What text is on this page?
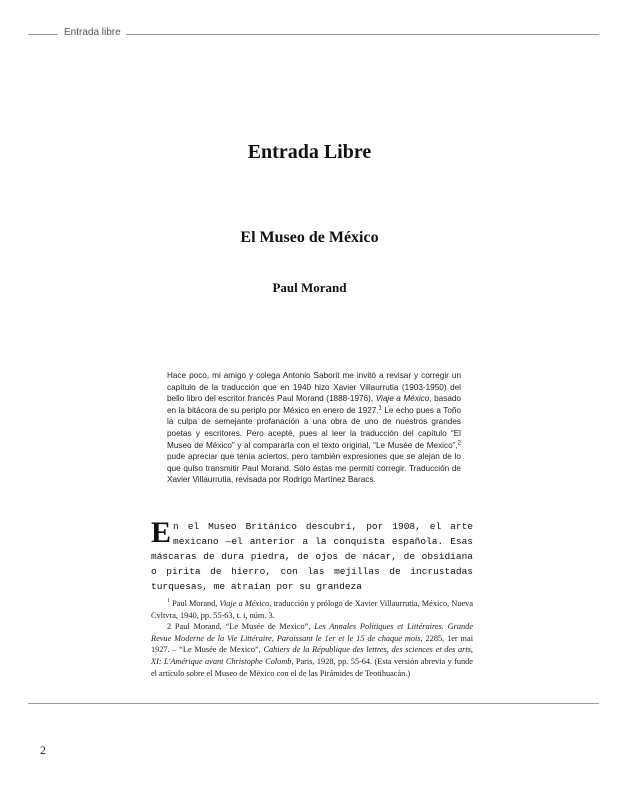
Entrada libre
Entrada Libre
El Museo de México
Paul Morand

Hace poco, mi amigo y colega Antonio Saborit me invitó a revisar y corregir un capítulo de la traducción que en 1940 hizo Xavier Villaurrutia (1903-1950) del bello libro del escritor francés Paul Morand (1888-1976), Viaje a México, basado en la bitácora de su periplo por México en enero de 1927.$^1$ Le echo pues a Toño la culpa de semejante profanación a una obra de uno de nuestros grandes poetas y escritores. Pero acepté, pues al leer la traducción del capítulo “El Museo de México” y al compararla con el texto original, “Le Musée de Mexico”,$^2$ pude apreciar que tenía aciertos, pero también expresiones que se alejan de lo que quiso transmitir Paul Morand. Sólo éstas me permití corregir. Traducción de Xavier Villaurrutia, revisada por Rodrigo Martínez Baracs.

En el Museo Británico descubrí, por 1908, el arte mexicano —el anterior a la conquista española. Esas máscaras de dura piedra, de ojos de nácar, de obsidiana o pirita de hierro, con las mejillas de incrustadas turquesas, me atraían por su grandeza

$^1$ Paul Morand, Viaje a México, traducción y prólogo de Xavier Villaurrutia, México, Nueva Cvltvra, 1940, pp. 55-63, t. i, núm. 3.

2 Paul Morand, “Le Musée de Mexico”, Les Annales Politiques et Littéraires. Grande Revue Moderne de la Vie Littéraire, Paraissant le 1er et le 15 de chaque mois, 2285, 1er mai 1927. – “Le Musée de Mexico”, Cahiers de la République des lettres, des sciences et des arts, XI: L'Amérique avant Christophe Colomb, Paris, 1928, pp. 55-64. (Esta versión abrevia y funde el artículo sobre el Museo de México con el de las Pirámides de Teotihuacán.)

2
